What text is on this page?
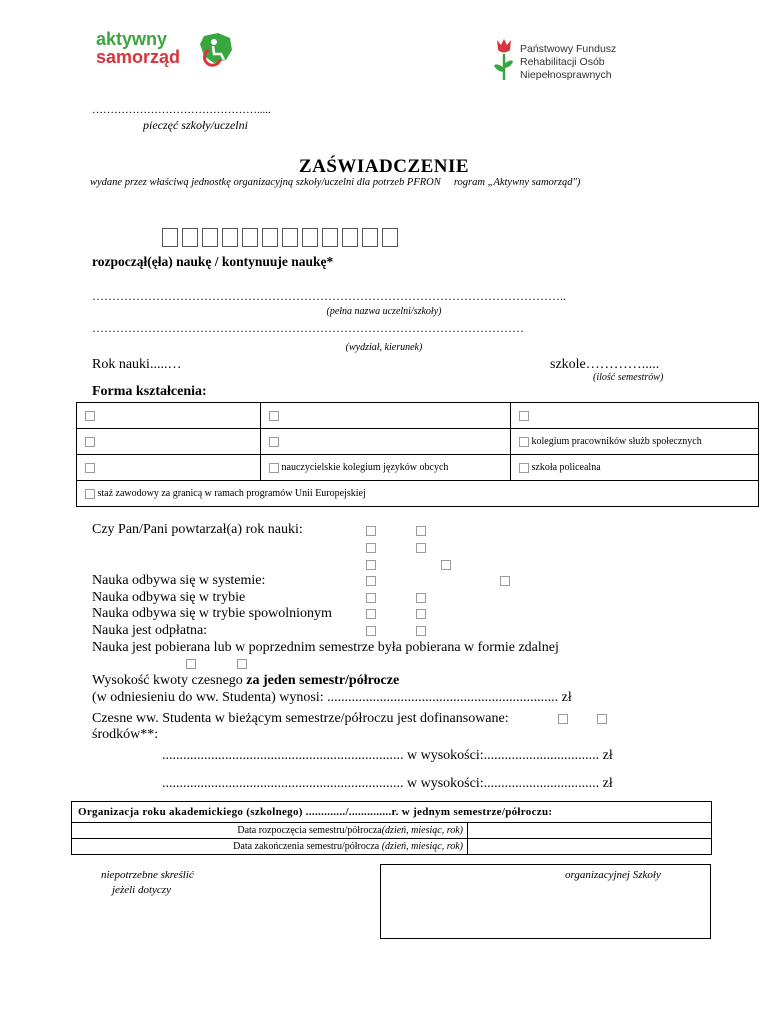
aktywny
samorząd	Państwowy Fundusz
Rehabilitacji Osób
Niepełnosprawnych
……………………………………….....
pieczęć szkoły/uczelni
ZAŚWIADCZENIE
wydane przez właściwą jednostkę organizacyjną szkoły/uczelni dla potrzeb PFRON     rogram „Aktywny samorząd")
rozpoczął(ęła) naukę / kontynuuje naukę*
………………………………………………………………………………………………………..
(pełna nazwa uczelni/szkoły)
………………………………………………………………………………………………
(wydział, kierunek)
Rok nauki.....…	szkole………….....
(ilość semestrów)
Forma kształcenia:

		kolegium pracowników służb społecznych
	nauczycielskie kolegium języków obcych	szkoła policealna
staż zawodowy za granicą w ramach programów Unii Europejskiej		
Czy Pan/Pani powtarzał(a) rok nauki:
Nauka odbywa się w systemie:
Nauka odbywa się w trybie
Nauka odbywa się w trybie spowolnionym
Nauka jest odpłatna:
Nauka jest pobierana lub w poprzednim semestrze była pobierana w formie zdalnej
Wysokość kwoty czesnego za jeden semestr/półrocze
(w odniesieniu do ww. Studenta) wynosi: .................................................................. zł
Czesne ww. Studenta w bieżącym semestrze/półroczu jest dofinansowane:
środków**:
..................................................................... w wysokości:................................. zł
..................................................................... w wysokości:................................. zł
Organizacja roku akademickiego (szkolnego) ............./..............r. w jednym semestrze/półroczu:	
Data rozpoczęcia semestru/półrocza(dzień, miesiąc, rok)	
Data zakończenia semestru/półrocza (dzień, miesiąc, rok)	
niepotrzebne skreślić
jeżeli dotyczy
organizacyjnej Szkoły
